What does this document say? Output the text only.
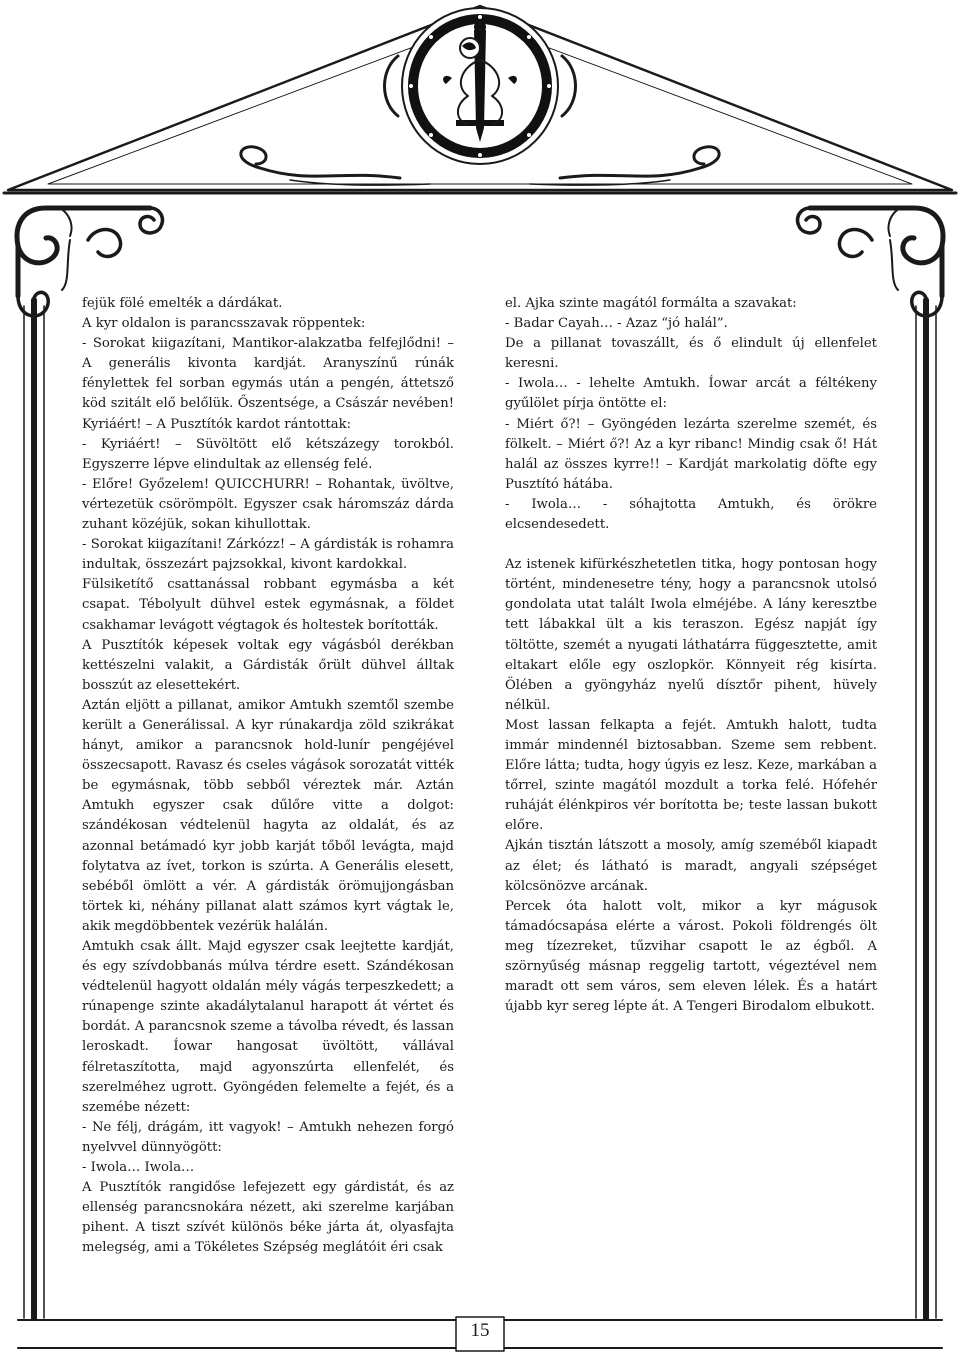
fejük fölé emelték a dárdákat.

A kyr oldalon is parancsszavak röppentek:

- Sorokat kiigazítani, Mantikor-alakzatba felfejlődni! – A generális kivonta kardját. Aranyszínű rúnák fénylettek fel sorban egymás után a pengén, áttetsző köd szitált elő belőlük. Őszentsége, a Császár nevében! Kyriáért! – A Pusztítók kardot rántottak:

- Kyriáért! – Süvöltött elő kétszázegy torokból. Egyszerre lépve elindultak az ellenség felé.

- Előre! Győzelem! QUICCHURR! – Rohantak, üvöltve, vértezetük csörömpölt. Egyszer csak háromszáz dárda zuhant közéjük, sokan kihullottak.

- Sorokat kiigazítani! Zárkózz! – A gárdisták is rohamra indultak, összezárt pajzsokkal, kivont kardokkal.

Fülsiketítő csattanással robbant egymásba a két csapat. Tébolyult dühvel estek egymásnak, a földet csakhamar levágott végtagok és holtestek borították.

A Pusztítók képesek voltak egy vágásból derékban kettészelni valakit, a Gárdisták őrült dühvel álltak bosszút az elesettekért.

Aztán eljött a pillanat, amikor Amtukh szemtől szembe került a Generálissal. A kyr rúnakardja zöld szikrákat hányt, amikor a parancsnok hold-lunír pengéjével összecsapott. Ravasz és cseles vágások sorozatát vitték be egymásnak, több sebből véreztek már. Aztán Amtukh egyszer csak dűlőre vitte a dolgot: szándékosan védtelenül hagyta az oldalát, és az azonnal betámadó kyr jobb karját tőből levágta, majd folytatva az ívet, torkon is szúrta. A Generális elesett, sebéből ömlött a vér. A gárdisták örömujjongásban törtek ki, néhány pillanat alatt számos kyrt vágtak le, akik megdöbbentek vezérük halálán.

Amtukh csak állt. Majd egyszer csak leejtette kardját, és egy szívdobbanás múlva térdre esett. Szándékosan védtelenül hagyott oldalán mély vágás terpeszkedett; a rúnapenge szinte akadálytalanul harapott át vértet és bordát. A parancsnok szeme a távolba révedt, és lassan leroskadt. Íowar hangosat üvöltött, vállával félretaszította, majd agyonszúrta ellenfelét, és szerelméhez ugrott. Gyöngéden felemelte a fejét, és a szemébe nézett:

- Ne félj, drágám, itt vagyok! – Amtukh nehezen forgó nyelvvel dünnyögött:

- Iwola… Iwola…

A Pusztítók rangidőse lefejezett egy gárdistát, és az ellenség parancsnokára nézett, aki szerelme karjában pihent. A tiszt szívét különös béke járta át, olyasfajta melegség, ami a Tökéletes Szépség meglátóit éri csak

el. Ajka szinte magától formálta a szavakat:

- Badar Cayah… - Azaz “jó halál”.

De a pillanat tovaszállt, és ő elindult új ellenfelet keresni.

- Iwola… - lehelte Amtukh. Íowar arcát a féltékeny gyűlölet pírja öntötte el:

- Miért ő?! – Gyöngéden lezárta szerelme szemét, és fölkelt. – Miért ő?! Az a kyr ribanc! Mindig csak ő! Hát halál az összes kyrre!! – Kardját markolatig döfte egy Pusztító hátába.

- Iwola… - sóhajtotta Amtukh, és örökre elcsendesedett.

Az istenek kifürkészhetetlen titka, hogy pontosan hogy történt, mindenesetre tény, hogy a parancsnok utolsó gondolata utat talált Iwola elméjébe. A lány keresztbe tett lábakkal ült a kis teraszon. Egész napját így töltötte, szemét a nyugati láthatárra függesztette, amit eltakart előle egy oszlopkör. Könnyeit rég kisírta. Ölében a gyöngyház nyelű dísztőr pihent, hüvely nélkül.

Most lassan felkapta a fejét. Amtukh halott, tudta immár mindennél biztosabban. Szeme sem rebbent. Előre látta; tudta, hogy úgyis ez lesz. Keze, markában a tőrrel, szinte magától mozdult a torka felé. Hófehér ruháját élénkpiros vér borította be; teste lassan bukott előre.

Ajkán tisztán látszott a mosoly, amíg szeméből kiapadt az élet; és látható is maradt, angyali szépséget kölcsönözve arcának.

Percek óta halott volt, mikor a kyr mágusok támadócsapása elérte a várost. Pokoli földrengés ölt meg tízezreket, tűzvihar csapott le az égből. A szörnyűség másnap reggelig tartott, végeztével nem maradt ott sem város, sem eleven lélek. És a határt újabb kyr sereg lépte át. A Tengeri Birodalom elbukott.

15
